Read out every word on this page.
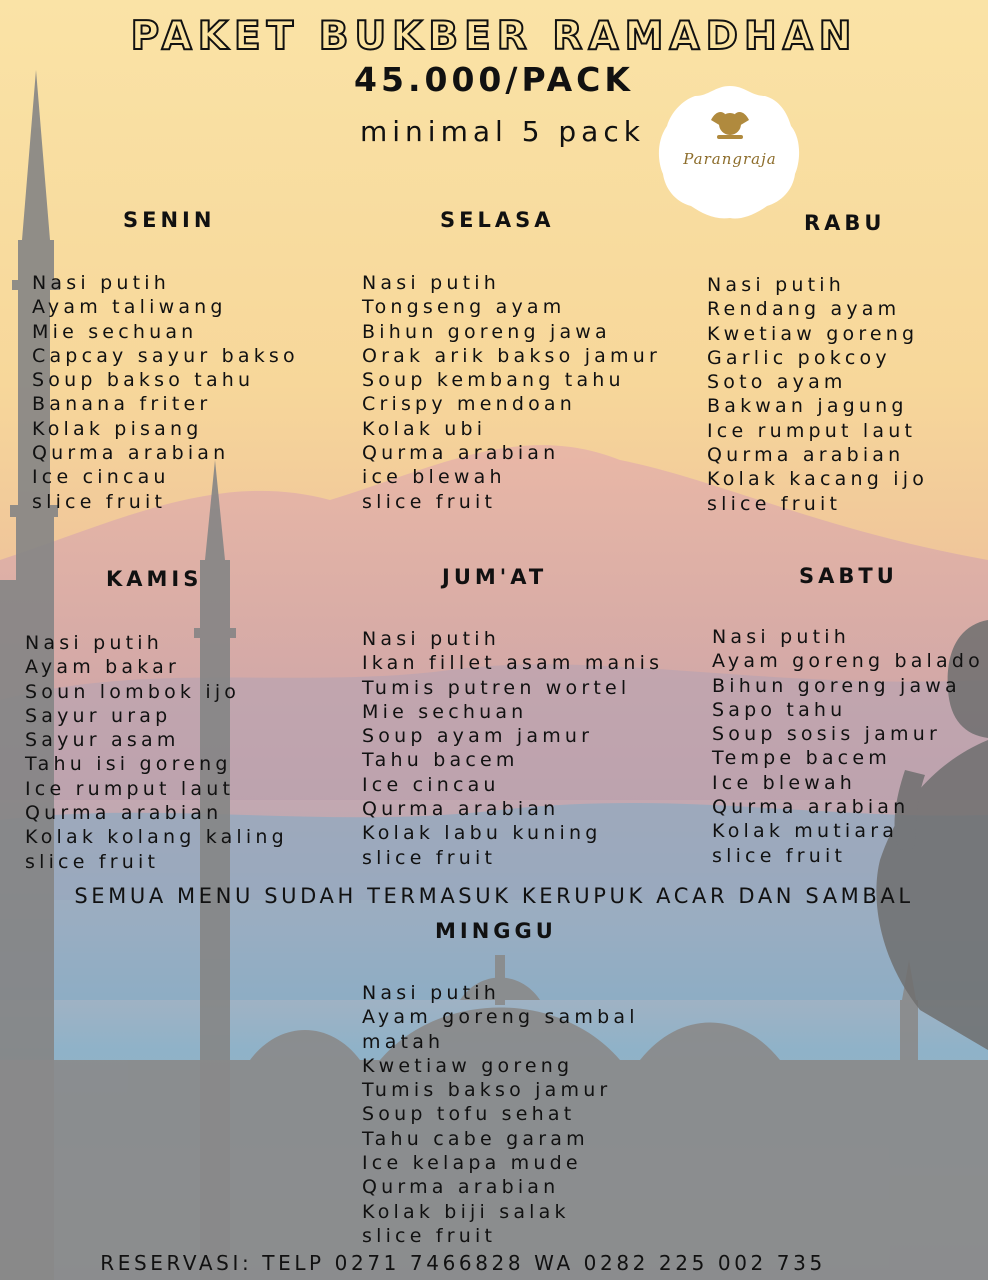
PAKET BUKBER RAMADHAN
45.000/PACK
minimal 5 pack
Parangraja
SENIN
Nasi putih
Ayam taliwang
Mie sechuan
Capcay sayur bakso
Soup bakso tahu
Banana friter
Kolak pisang
Qurma arabian
Ice cincau
slice fruit
SELASA
Nasi putih
Tongseng ayam
Bihun goreng jawa
Orak arik bakso jamur
Soup kembang tahu
Crispy mendoan
Kolak ubi
Qurma arabian
ice blewah
slice fruit
RABU
Nasi putih
Rendang ayam
Kwetiaw goreng
Garlic pokcoy
Soto ayam
Bakwan jagung
Ice rumput laut
Qurma arabian
Kolak kacang ijo
slice fruit
KAMIS
Nasi putih
Ayam bakar
Soun lombok ijo
Sayur urap
Sayur asam
Tahu isi goreng
Ice rumput laut
Qurma arabian
Kolak kolang kaling
slice fruit
JUM'AT
Nasi putih
Ikan fillet asam manis
Tumis putren wortel
Mie sechuan
Soup ayam jamur
Tahu bacem
Ice cincau
Qurma arabian
Kolak labu kuning
slice fruit
SABTU
Nasi putih
Ayam goreng balado
Bihun goreng jawa
Sapo tahu
Soup sosis jamur
Tempe bacem
Ice blewah
Qurma arabian
Kolak mutiara
slice fruit
SEMUA MENU SUDAH TERMASUK KERUPUK ACAR DAN SAMBAL
MINGGU
Nasi putih
Ayam goreng sambal
matah
Kwetiaw goreng
Tumis bakso jamur
Soup tofu sehat
Tahu cabe garam
Ice kelapa mude
Qurma arabian
Kolak biji salak
slice fruit
RESERVASI: TELP 0271 7466828 WA 0282 225 002 735
